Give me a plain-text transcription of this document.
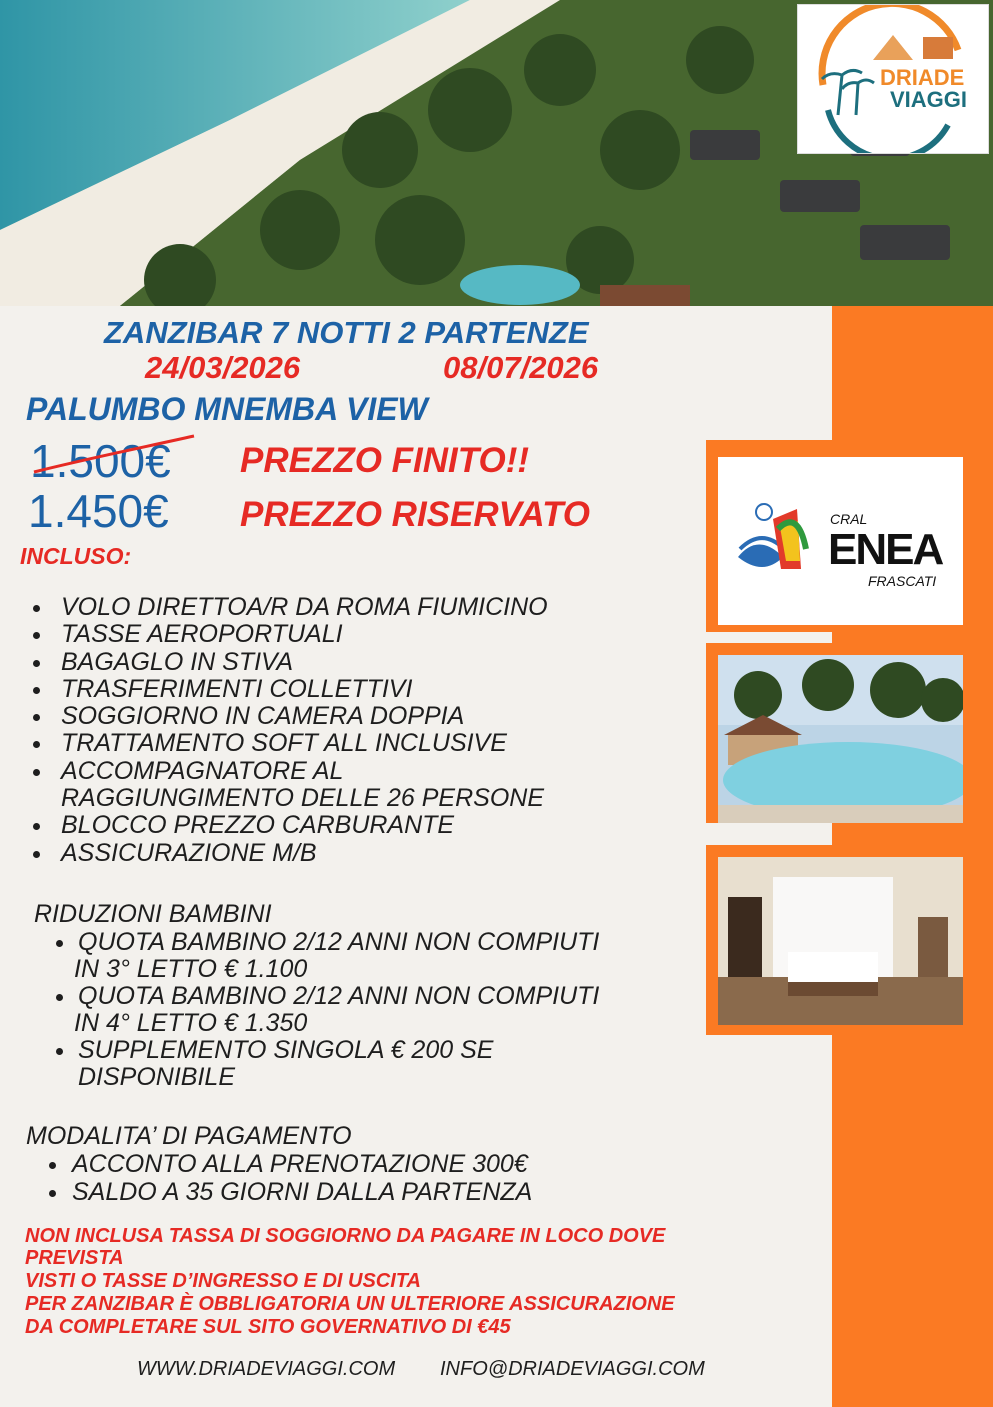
DRIADE
VIAGGI
ZANZIBAR 7 NOTTI 2 PARTENZE
24/03/2026	08/07/2026
PALUMBO MNEMBA VIEW
1.500€ PREZZO FINITO!!
1.450€ PREZZO RISERVATO
INCLUSO:
VOLO DIRETTOA/R DA ROMA FIUMICINO
TASSE AEROPORTUALI
BAGAGLO IN STIVA
TRASFERIMENTI COLLETTIVI
SOGGIORNO IN CAMERA DOPPIA
TRATTAMENTO SOFT ALL INCLUSIVE
ACCOMPAGNATORE AL
RAGGIUNGIMENTO DELLE 26 PERSONE
BLOCCO PREZZO CARBURANTE
ASSICURAZIONE M/B
RIDUZIONI BAMBINI
QUOTA BAMBINO 2/12 ANNI NON COMPIUTI
IN 3° LETTO € 1.100
QUOTA BAMBINO 2/12 ANNI NON COMPIUTI
IN 4° LETTO € 1.350
SUPPLEMENTO SINGOLA € 200 SE
DISPONIBILE
MODALITA’ DI PAGAMENTO
ACCONTO ALLA PRENOTAZIONE 300€
SALDO A 35 GIORNI DALLA PARTENZA
NON INCLUSA TASSA DI SOGGIORNO DA PAGARE IN LOCO DOVE
PREVISTA
VISTI O TASSE D’INGRESSO E DI USCITA
PER ZANZIBAR È OBBLIGATORIA UN ULTERIORE ASSICURAZIONE
DA COMPLETARE SUL SITO GOVERNATIVO DI €45
WWW.DRIADEVIAGGI.COM INFO@DRIADEVIAGGI.COM
CRAL
ENEA
FRASCATI
